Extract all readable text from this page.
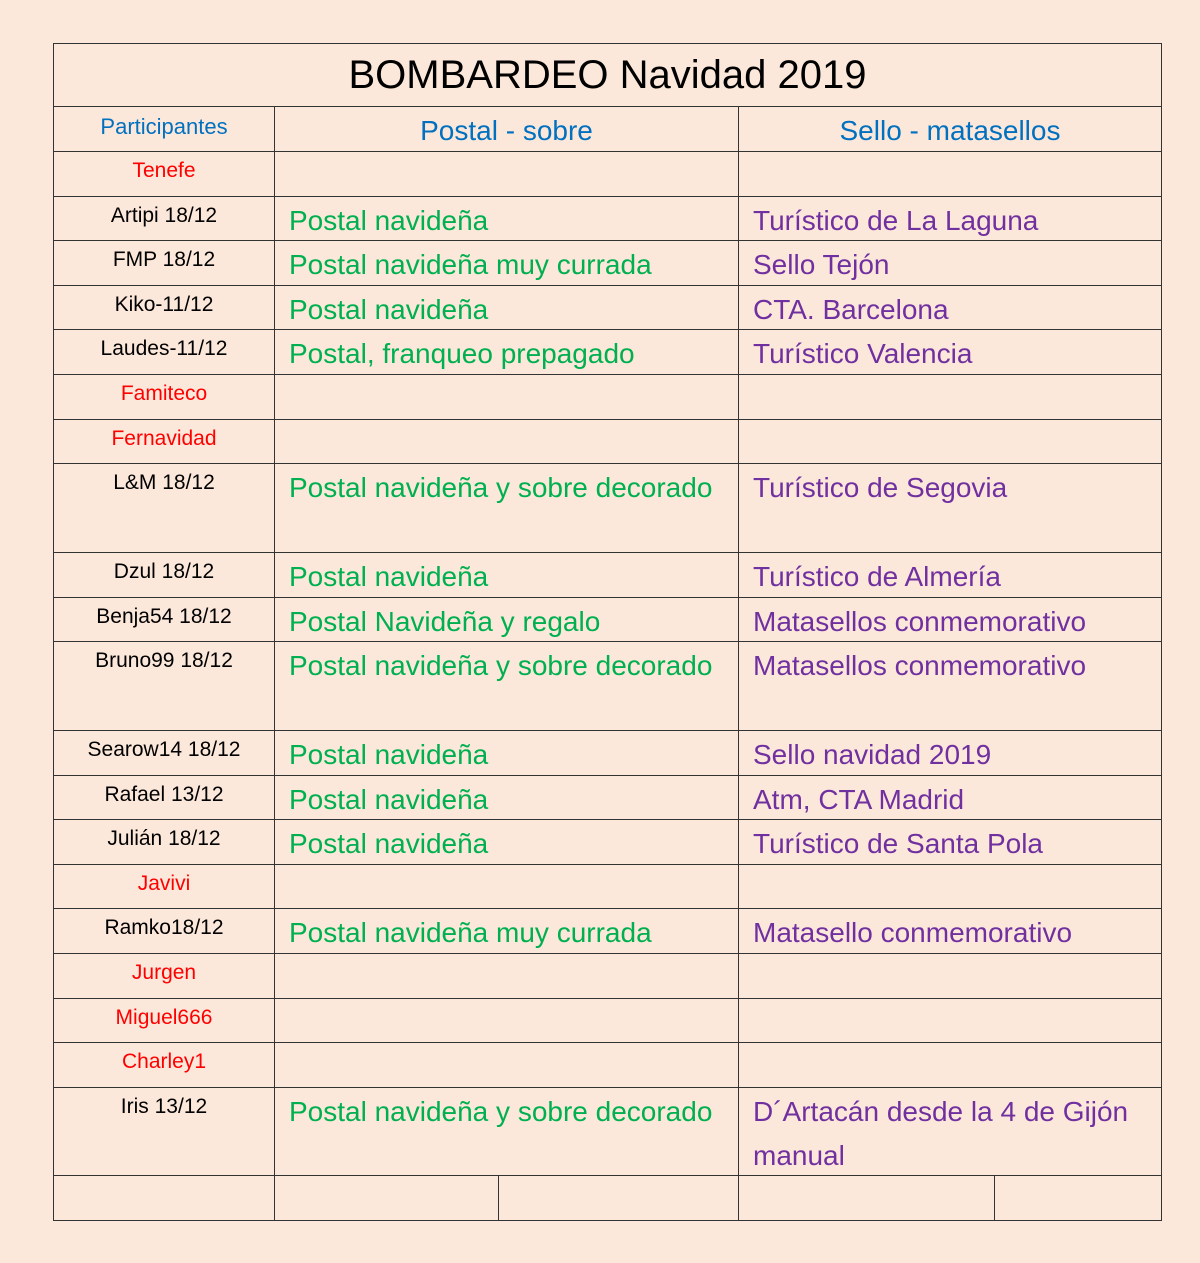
BOMBARDEO Navidad 2019
Participantes	Postal - sobre	Sello - matasellos
Tenefe
Artipi 18/12	Postal navideña	Turístico de La Laguna
FMP 18/12	Postal navideña muy currada	Sello Tejón
Kiko-11/12	Postal navideña	CTA. Barcelona
Laudes-11/12	Postal, franqueo prepagado	Turístico Valencia
Famiteco
Fernavidad
L&M 18/12	Postal navideña y sobre decorado	Turístico de Segovia
Dzul 18/12	Postal navideña	Turístico de Almería
Benja54 18/12	Postal Navideña y regalo	Matasellos conmemorativo
Bruno99 18/12	Postal navideña y sobre decorado	Matasellos conmemorativo
Searow14 18/12	Postal navideña	Sello navidad 2019
Rafael 13/12	Postal navideña	Atm, CTA Madrid
Julián 18/12	Postal navideña	Turístico de Santa Pola
Javivi
Ramko18/12	Postal navideña muy currada	Matasello conmemorativo
Jurgen
Miguel666
Charley1
Iris 13/12	Postal navideña y sobre decorado	D´Artacán desde la 4 de Gijón manual
